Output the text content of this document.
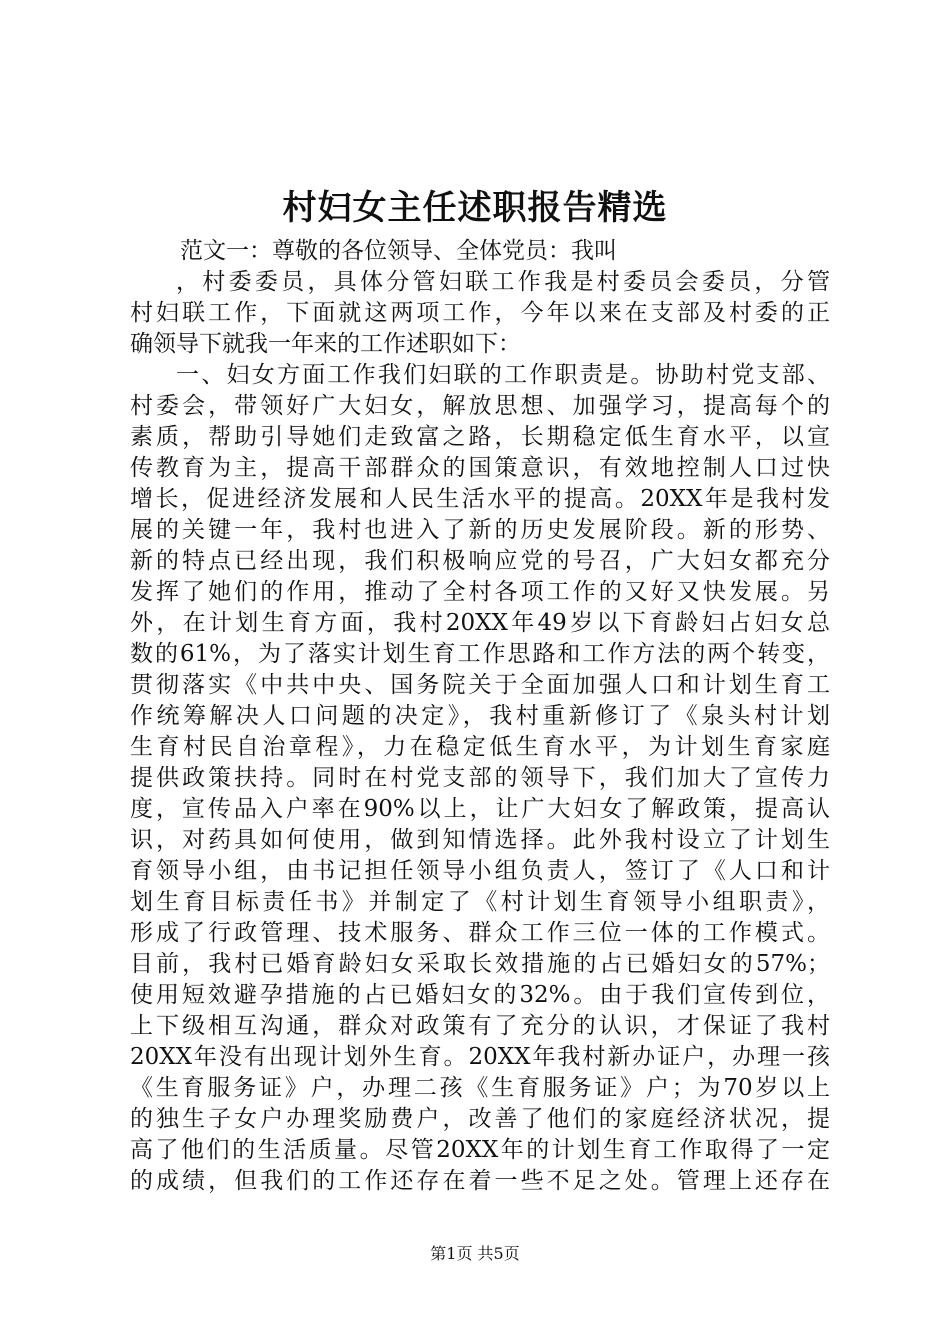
村妇女主任述职报告精选
范文一：尊敬的各位领导、全体党员：我叫
，村委委员，具体分管妇联工作我是村委员会委员，分管
村妇联工作，下面就这两项工作，今年以来在支部及村委的正
确领导下就我一年来的工作述职如下：
一、妇女方面工作我们妇联的工作职责是。协助村党支部、
村委会，带领好广大妇女，解放思想、加强学习，提高每个的
素质，帮助引导她们走致富之路，长期稳定低生育水平，以宣
传教育为主，提高干部群众的国策意识，有效地控制人口过快
增长，促进经济发展和人民生活水平的提高。20XX年是我村发
展的关键一年，我村也进入了新的历史发展阶段。新的形势、
新的特点已经出现，我们积极响应党的号召，广大妇女都充分
发挥了她们的作用，推动了全村各项工作的又好又快发展。另
外，在计划生育方面，我村20XX年49岁以下育龄妇占妇女总
数的61%，为了落实计划生育工作思路和工作方法的两个转变，
贯彻落实《中共中央、国务院关于全面加强人口和计划生育工
作统筹解决人口问题的决定》，我村重新修订了《泉头村计划
生育村民自治章程》，力在稳定低生育水平，为计划生育家庭
提供政策扶持。同时在村党支部的领导下，我们加大了宣传力
度，宣传品入户率在90%以上，让广大妇女了解政策，提高认
识，对药具如何使用，做到知情选择。此外我村设立了计划生
育领导小组，由书记担任领导小组负责人，签订了《人口和计
划生育目标责任书》并制定了《村计划生育领导小组职责》，
形成了行政管理、技术服务、群众工作三位一体的工作模式。
目前，我村已婚育龄妇女采取长效措施的占已婚妇女的57%；
使用短效避孕措施的占已婚妇女的32%。由于我们宣传到位，
上下级相互沟通，群众对政策有了充分的认识，才保证了我村
20XX年没有出现计划外生育。20XX年我村新办证户，办理一孩
《生育服务证》户，办理二孩《生育服务证》户；为70岁以上
的独生子女户办理奖励费户，改善了他们的家庭经济状况，提
高了他们的生活质量。尽管20XX年的计划生育工作取得了一定
的成绩，但我们的工作还存在着一些不足之处。管理上还存在
第1页 共5页
